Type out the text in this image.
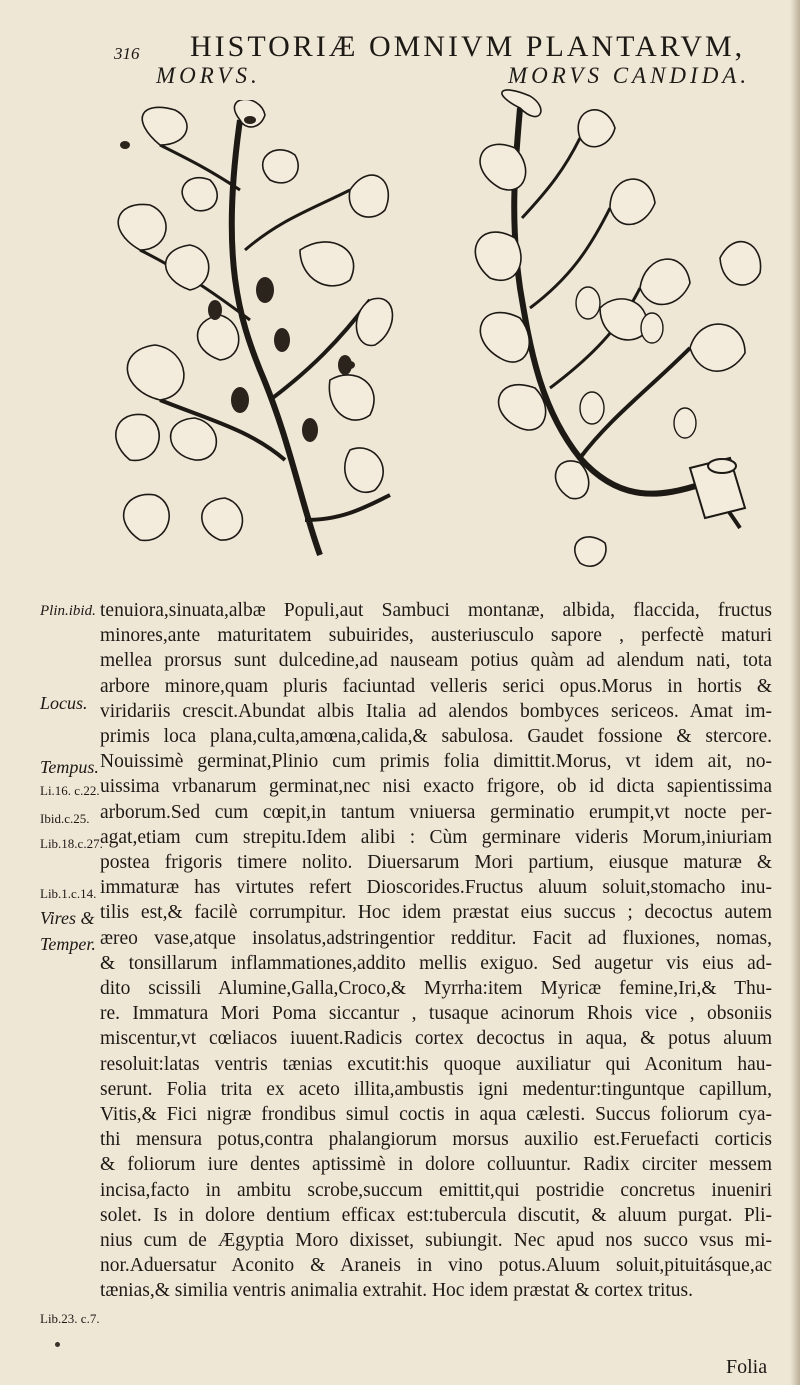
316 HISTORIÆ OMNIVM PLANTARVM,
MORVS.	MORVS CANDIDA.
Plin.ibid.
Locus.
Tempus.
Li.16. c.22.
Ibid.c.25.
Lib.18.c.27.
Lib.1.c.14.
Vires &
Temper.
Lib.23. c.7.
tenuiora,sinuata,albæ Populi,aut Sambuci montanæ, albida, flaccida, fructus
minores,ante maturitatem subuirides, austeriusculo sapore , perfectè maturi
mellea prorsus sunt dulcedine,ad nauseam potius quàm ad alendum nati, tota
arbore minore,quam pluris faciuntad velleris serici opus.Morus in hortis &
viridariis crescit.Abundat albis Italia ad alendos bombyces sericeos. Amat im-
primis loca plana,culta,amœna,calida,& sabulosa. Gaudet fossione & stercore.
Nouissimè germinat,Plinio cum primis folia dimittit.Morus, vt idem ait, no-
uissima vrbanarum germinat,nec nisi exacto frigore, ob id dicta sapientissima
arborum.Sed cum cœpit,in tantum vniuersa germinatio erumpit,vt nocte per-
agat,etiam cum strepitu.Idem alibi : Cùm germinare videris Morum,iniuriam
postea frigoris timere nolito. Diuersarum Mori partium, eiusque maturæ &
immaturæ has virtutes refert Dioscorides.Fructus aluum soluit,stomacho inu-
tilis est,& facilè corrumpitur. Hoc idem præstat eius succus ; decoctus autem
æreo vase,atque insolatus,adstringentior redditur. Facit ad fluxiones, nomas,
& tonsillarum inflammationes,addito mellis exiguo. Sed augetur vis eius ad-
dito scissili Alumine,Galla,Croco,& Myrrha:item Myricæ femine,Iri,& Thu-
re. Immatura Mori Poma siccantur , tusaque acinorum Rhois vice , obsoniis
miscentur,vt cœliacos iuuent.Radicis cortex decoctus in aqua, & potus aluum
resoluit:latas ventris tænias excutit:his quoque auxiliatur qui Aconitum hau-
serunt. Folia trita ex aceto illita,ambustis igni medentur:tinguntque capillum,
Vitis,& Fici nigræ frondibus simul coctis in aqua cælesti. Succus foliorum cya-
thi mensura potus,contra phalangiorum morsus auxilio est.Feruefacti corticis
& foliorum iure dentes aptissimè in dolore colluuntur. Radix circiter messem
incisa,facto in ambitu scrobe,succum emittit,qui postridie concretus inueniri
solet. Is in dolore dentium efficax est:tubercula discutit, & aluum purgat. Pli-
nius cum de Ægyptia Moro dixisset, subiungit. Nec apud nos succo vsus mi-
nor.Aduersatur Aconito & Araneis in vino potus.Aluum soluit,pituitásque,ac
tænias,& similia ventris animalia extrahit. Hoc idem præstat & cortex tritus.
Folia
